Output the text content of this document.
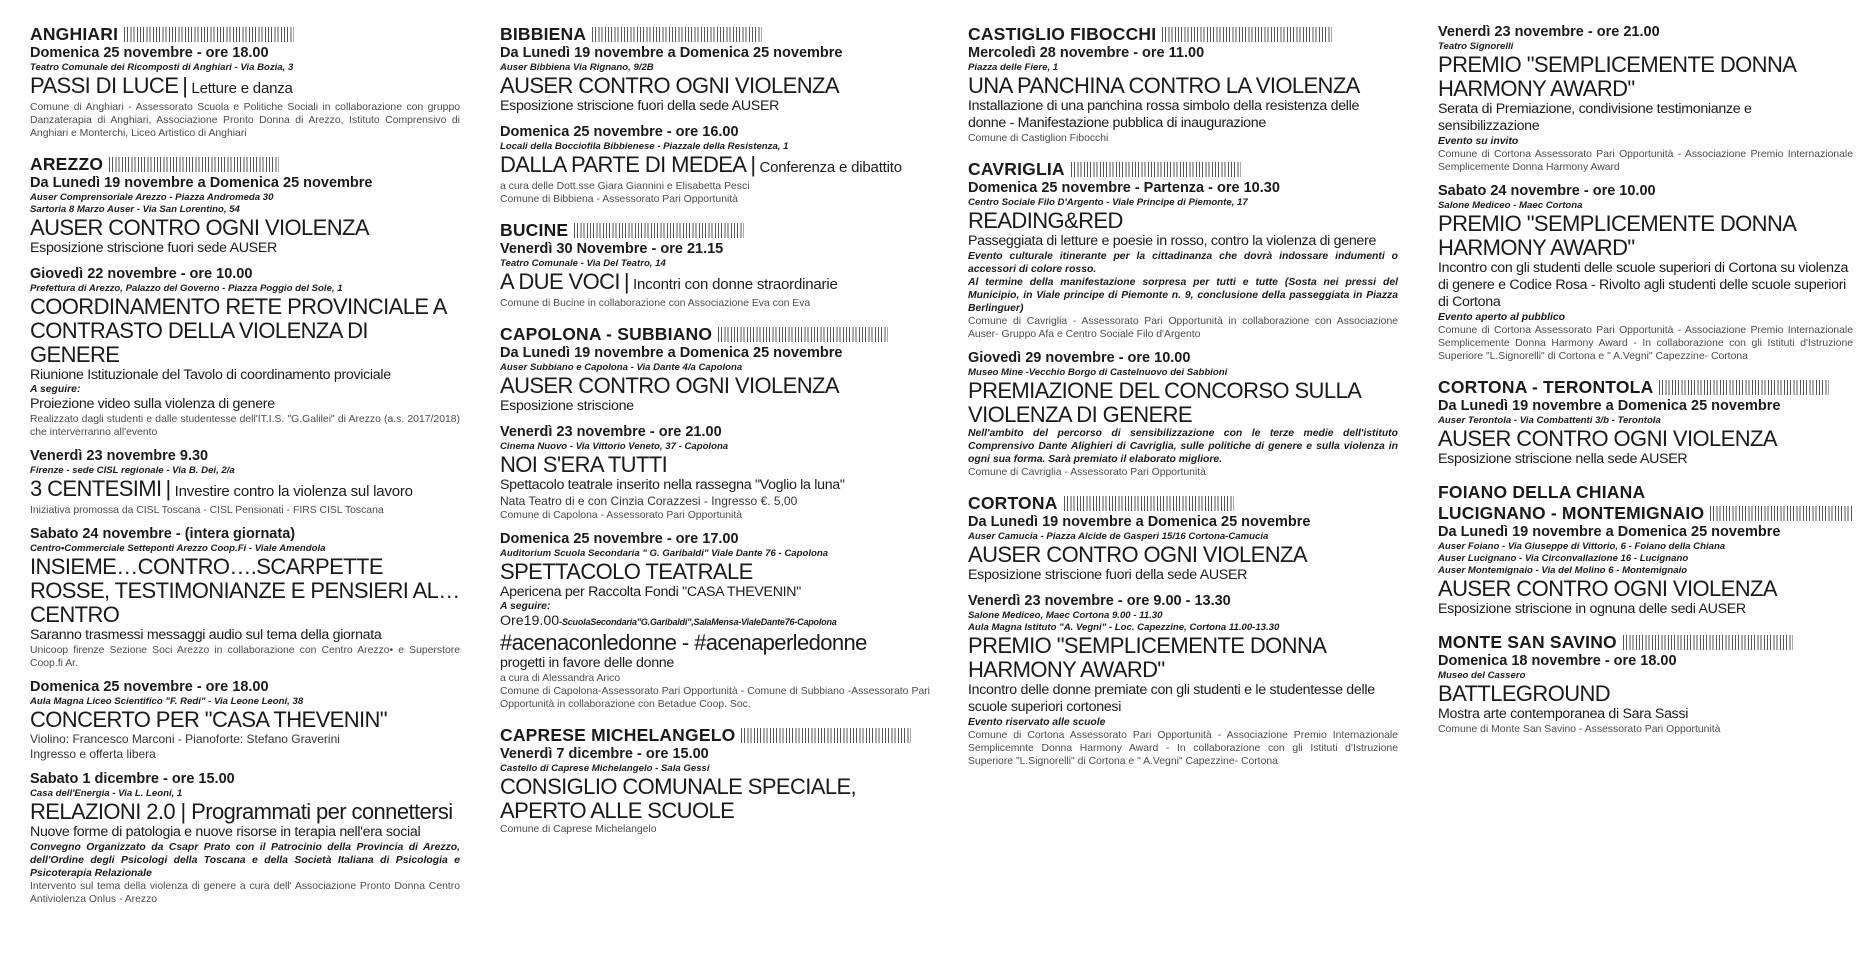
ANGHIARI
Domenica 25 novembre - ore 18.00
Teatro Comunale dei Ricomposti di Anghiari - Via Bozia, 3
PASSI DI LUCE | Letture e danza
Comune di Anghiari - Assessorato Scuola e Politiche Sociali in collaborazione con gruppo Danzaterapia di Anghiari, Associazione Pronto Donna di Arezzo, Istituto Comprensivo di Anghiari e Monterchi, Liceo Artistico di Anghiari
AREZZO
Da Lunedì 19 novembre a Domenica 25 novembre
Auser Comprensoriale Arezzo - Piazza Andromeda 30
Sartoria 8 Marzo Auser - Via San Lorentino, 54
AUSER CONTRO OGNI VIOLENZA
Esposizione striscione fuori sede AUSER
Giovedì 22 novembre - ore 10.00
Prefettura di Arezzo, Palazzo del Governo - Piazza Poggio del Sole, 1
COORDINAMENTO RETE PROVINCIALE A CONTRASTO DELLA VIOLENZA DI GENERE
Riunione Istituzionale del Tavolo di coordinamento proviciale
A seguire:
Proiezione video sulla violenza di genere
Realizzato dagli studenti e dalle studentesse dell'IT.I.S. "G.Galilei" di Arezzo (a.s. 2017/2018) che interverranno all'evento
Venerdì 23 novembre 9.30
Firenze - sede CISL regionale - Via B. Dei, 2/a
3 CENTESIMI | Investire contro la violenza sul lavoro
Iniziativa promossa da CISL Toscana - CISL Pensionati - FIRS CISL Toscana
Sabato 24 novembre - (intera giornata)
Centro•Commerciale Setteponti Arezzo Coop.Fi - Viale Amendola
INSIEME…CONTRO….SCARPETTE ROSSE, TESTIMONIANZE E PENSIERI AL…CENTRO
Saranno trasmessi messaggi audio sul tema della giornata
Unicoop firenze Sezione Soci Arezzo in collaborazione con Centro Arezzo• e Superstore Coop.fi Ar.
Domenica 25 novembre - ore 18.00
Aula Magna Liceo Scientifico "F. Redi" - Via Leone Leoni, 38
CONCERTO PER "CASA THEVENIN"
Violino: Francesco Marconi - Pianoforte: Stefano Graverini
Ingresso e offerta libera
Sabato 1 dicembre - ore 15.00
Casa dell'Energia - Via L. Leoni, 1
RELAZIONI 2.0 | Programmati per connettersi
Nuove forme di patologia e nuove risorse in terapia nell'era social
Convegno Organizzato da Csapr Prato con il Patrocinio della Provincia di Arezzo, dell'Ordine degli Psicologi della Toscana e della Società Italiana di Psicologia e Psicoterapia Relazionale
Intervento sul tema della violenza di genere a cura dell' Associazione Pronto Donna Centro Antiviolenza Onlus - Arezzo
BIBBIENA
Da Lunedì 19 novembre a Domenica 25 novembre
Auser Bibbiena Via Rignano, 9/2B
AUSER CONTRO OGNI VIOLENZA
Esposizione striscione fuori della sede AUSER
Domenica 25 novembre - ore 16.00
Locali della Bocciofila Bibbienese - Piazzale della Resistenza, 1
DALLA PARTE DI MEDEA | Conferenza e dibattito
a cura delle Dott.sse Giara Giannini e Elisabetta Pesci
Comune di Bibbiena - Assessorato Pari Opportunità
BUCINE
Venerdì 30 Novembre - ore 21.15
Teatro Comunale - Via Del Teatro, 14
A DUE VOCI | Incontri con donne straordinarie
Comune di Bucine in collaborazione con Associazione Eva con Eva
CAPOLONA - SUBBIANO
Da Lunedì 19 novembre a Domenica 25 novembre
Auser Subbiano e Capolona - Via Dante 4/a Capolona
AUSER CONTRO OGNI VIOLENZA
Esposizione striscione
Venerdì 23 novembre - ore 21.00
Cinema Nuovo - Via Vittorio Veneto, 37 - Capolona
NOI S'ERA TUTTI
Spettacolo teatrale inserito nella rassegna "Voglio la luna"
Nata Teatro di e con Cinzia Corazzesi - Ingresso €. 5,00
Comune di Capolona - Assessorato Pari Opportunità
Domenica 25 novembre - ore 17.00
Auditorium Scuola Secondaria " G. Garibaldi" Viale Dante 76 - Capolona
SPETTACOLO TEATRALE
Apericena per Raccolta Fondi "CASA THEVENIN"
A seguire:
Ore19.00-ScuolaSecondaria"G.Garibaldi",SalaMensa-VialeDante76-Capolona
#acenaconledonne - #acenaperledonne
progetti in favore delle donne
a cura di Alessandra Arico
Comune di Capolona-Assessorato Pari Opportunità - Comune di Subbiano -Assessorato Pari Opportunità in collaborazione con Betadue Coop. Soc.
CAPRESE MICHELANGELO
Venerdì 7 dicembre - ore 15.00
Castello di Caprese Michelangelo - Sala Gessi
CONSIGLIO COMUNALE SPECIALE, APERTO ALLE SCUOLE
Comune di Caprese Michelangelo
CASTIGLIO FIBOCCHI
Mercoledì 28 novembre - ore 11.00
Piazza delle Fiere, 1
UNA PANCHINA CONTRO LA VIOLENZA
Installazione di una panchina rossa simbolo della resistenza delle donne - Manifestazione pubblica di inaugurazione
Comune di Castiglion Fibocchi
CAVRIGLIA
Domenica 25 novembre - Partenza - ore 10.30
Centro Sociale Filo D'Argento - Viale Principe di Piemonte, 17
READING&RED
Passeggiata di letture e poesie in rosso, contro la violenza di genere
Evento culturale itinerante per la cittadinanza che dovrà indossare indumenti o accessori di colore rosso.
Al termine della manifestazione sorpresa per tutti e tutte (Sosta nei pressi del Municipio, in Viale principe di Piemonte n. 9, conclusione della passeggiata in Piazza Berlinguer)
Comune di Cavriglia - Assessorato Pari Opportunità in collaborazione con Associazione Auser- Gruppo Afa e Centro Sociale Filo d'Argento
Giovedì 29 novembre - ore 10.00
Museo Mine -Vecchio Borgo di Castelnuovo dei Sabbioni
PREMIAZIONE DEL CONCORSO SULLA VIOLENZA DI GENERE
Nell'ambito del percorso di sensibilizzazione con le terze medie dell'istituto Comprensivo Dante Alighieri di Cavriglia, sulle politiche di genere e sulla violenza in ogni sua forma. Sarà premiato il elaborato migliore.
Comune di Cavriglia - Assessorato Pari Opportunità
CORTONA
Da Lunedì 19 novembre a Domenica 25 novembre
Auser Camucia - Piazza Alcide de Gasperi 15/16 Cortona-Camucia
AUSER CONTRO OGNI VIOLENZA
Esposizione striscione fuori della sede AUSER
Venerdì 23 novembre - ore 9.00 - 13.30
Salone Mediceo, Maec Cortona 9.00 - 11.30
Aula Magna Istituto "A. Vegni" - Loc. Capezzine, Cortona 11.00-13.30
PREMIO "SEMPLICEMENTE DONNA HARMONY AWARD"
Incontro delle donne premiate con gli studenti e le studentesse delle scuole superiori cortonesi
Evento riservato alle scuole
Comune di Cortona Assessorato Pari Opportunità - Associazione Premio Internazionale Semplicemnte Donna Harmony Award - In collaborazione con gli Istituti d'Istruzione Superiore "L.Signorelli" di Cortona e " A.Vegni" Capezzine- Cortona
Venerdì 23 novembre - ore 21.00
Teatro Signorelli
PREMIO "SEMPLICEMENTE DONNA HARMONY AWARD"
Serata di Premiazione, condivisione testimonianze e sensibilizzazione
Evento su invito
Comune di Cortona Assessorato Pari Opportunità - Associazione Premio Internazionale Semplicemente Donna Harmony Award
Sabato 24 novembre - ore 10.00
Salone Mediceo - Maec Cortona
PREMIO "SEMPLICEMENTE DONNA HARMONY AWARD"
Incontro con gli studenti delle scuole superiori di Cortona su violenza di genere e Codice Rosa - Rivolto agli studenti delle scuole superiori di Cortona
Evento aperto al pubblico
Comune di Cortona Assessorato Pari Opportunità - Associazione Premio Internazionale Semplicemente Donna Harmony Award - In collaborazione con gli Istituti d'Istruzione Superiore "L.Signorelli" di Cortona e " A.Vegni" Capezzine- Cortona
CORTONA - TERONTOLA
Da Lunedì 19 novembre a Domenica 25 novembre
Auser Terontola - Via Combattenti 3/b - Terontola
AUSER CONTRO OGNI VIOLENZA
Esposizione striscione nella sede AUSER
FOIANO DELLA CHIANA
LUCIGNANO - MONTEMIGNAIO
Da Lunedì 19 novembre a Domenica 25 novembre
Auser Foiano - Via Giuseppe di Vittorio, 6 - Foiano della Chiana
Auser Lucignano - Via Circonvallazione 16 - Lucignano
Auser Montemignaio - Via del Molino 6 - Montemignaio
AUSER CONTRO OGNI VIOLENZA
Esposizione striscione in ognuna delle sedi AUSER
MONTE SAN SAVINO
Domenica 18 novembre - ore 18.00
Museo del Cassero
BATTLEGROUND
Mostra arte contemporanea di Sara Sassi
Comune di Monte San Savino - Assessorato Pari Opportunità
